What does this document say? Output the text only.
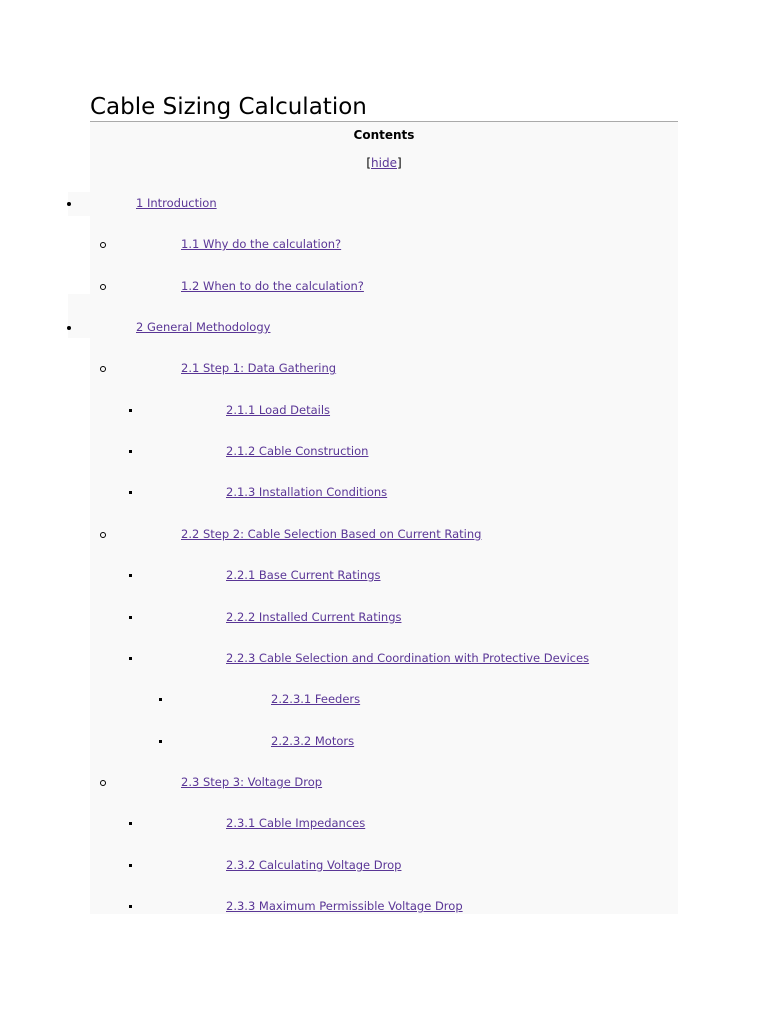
Cable Sizing Calculation
Contents
[hide]
1 Introduction
1.1 Why do the calculation?
1.2 When to do the calculation?
2 General Methodology
2.1 Step 1: Data Gathering
2.1.1 Load Details
2.1.2 Cable Construction
2.1.3 Installation Conditions
2.2 Step 2: Cable Selection Based on Current Rating
2.2.1 Base Current Ratings
2.2.2 Installed Current Ratings
2.2.3 Cable Selection and Coordination with Protective Devices
2.2.3.1 Feeders
2.2.3.2 Motors
2.3 Step 3: Voltage Drop
2.3.1 Cable Impedances
2.3.2 Calculating Voltage Drop
2.3.3 Maximum Permissible Voltage Drop
